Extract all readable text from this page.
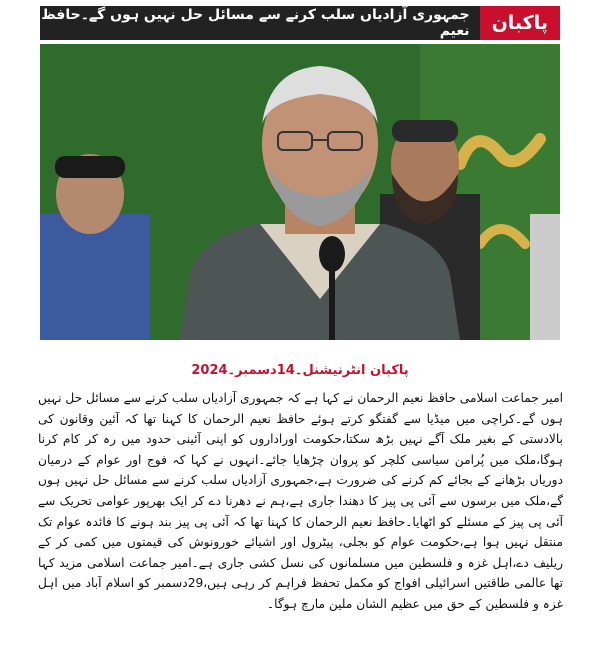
پاکبان
جمہوری آزادیاں سلب کرنے سے مسائل حل نہیں ہوں گے۔حافظ نعیم
پاکبان انٹرنیشنل۔14دسمبر۔2024
امیر جماعت اسلامی حافظ نعیم الرحمان نے کہا ہے کہ جمہوری آزادیاں سلب کرنے سے مسائل حل نہیں ہوں گے۔کراچی میں میڈیا سے گفتگو کرتے ہوئے حافظ نعیم الرحمان کا کہنا تھا کہ آئین وقانون کی بالادستی کے بغیر ملک آگے نہیں بڑھ سکتا،حکومت اوراداروں کو اپنی آئینی حدود میں رہ کر کام کرنا ہوگا،ملک میں پُرامن سیاسی کلچر کو پروان چڑھایا جائے۔انہوں نے کہا کہ فوج اور عوام کے درمیان دوریاں بڑھانے کے بجائے کم کرنے کی ضرورت ہے،جمہوری آزادیاں سلب کرنے سے مسائل حل نہیں ہوں گے،ملک میں برسوں سے آئی پی پیز کا دھندا جاری ہے،ہم نے دھرنا دے کر ایک بھرپور عوامی تحریک سے آئی پی پیز کے مسئلے کو اٹھایا۔حافظ نعیم الرحمان کا کہنا تھا کہ آئی پی پیز بند ہونے کا فائدہ عوام تک منتقل نہیں ہوا ہے،حکومت عوام کو بجلی، پیٹرول اور اشیائے خورونوش کی قیمتوں میں کمی کر کے ریلیف دے،اہل غزہ و فلسطین میں مسلمانوں کی نسل کشی جاری ہے۔امیر جماعت اسلامی مزید کہا تھا عالمی طاقتیں اسرائیلی افواج کو مکمل تحفظ فراہم کر رہی ہیں،29دسمبر کو اسلام آباد میں اہل غزہ و فلسطین کے حق میں عظیم الشان ملین مارچ ہوگا۔
